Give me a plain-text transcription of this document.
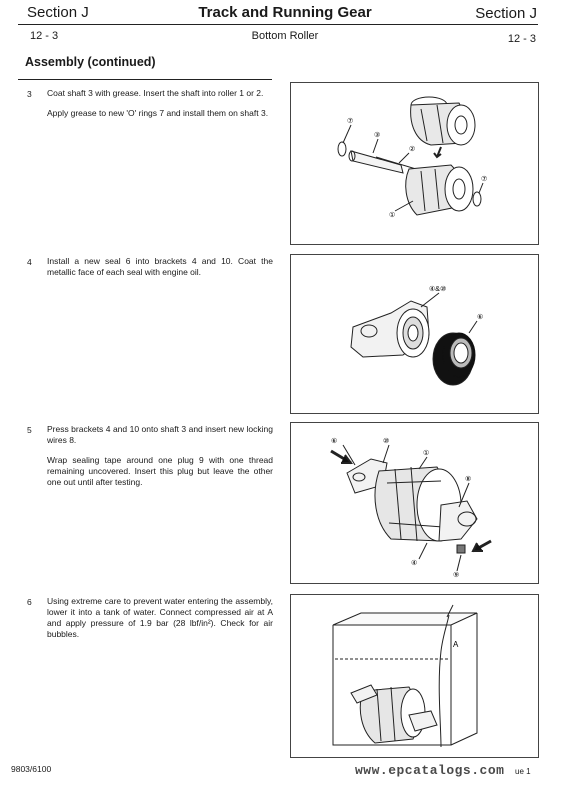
Section J	Track and Running Gear	Section J
12 - 3	Bottom Roller	12 - 3
Assembly (continued)
3 Coat shaft 3 with grease. Insert the shaft into roller 1 or 2.

Apply grease to new 'O' rings 7 and install them on shaft 3.

⑦
③
②
①
⑦
4 Install a new seal 6 into brackets 4 and 10. Coat the metallic face of each seal with engine oil.

④&⑩
⑥
5 Press brackets 4 and 10 onto shaft 3 and insert new locking wires 8.

Wrap sealing tape around one plug 9 with one thread remaining uncovered. Insert this plug but leave the other one out until after testing.

⑥	⑩
①
⑧
④
⑨
6 Using extreme care to prevent water entering the assembly, lower it into a tank of water. Connect compressed air at A and apply pressure of 1.9 bar (28 lbf/in²). Check for air bubbles.

A
9803/6100	www.epcatalogs.com ue 1
